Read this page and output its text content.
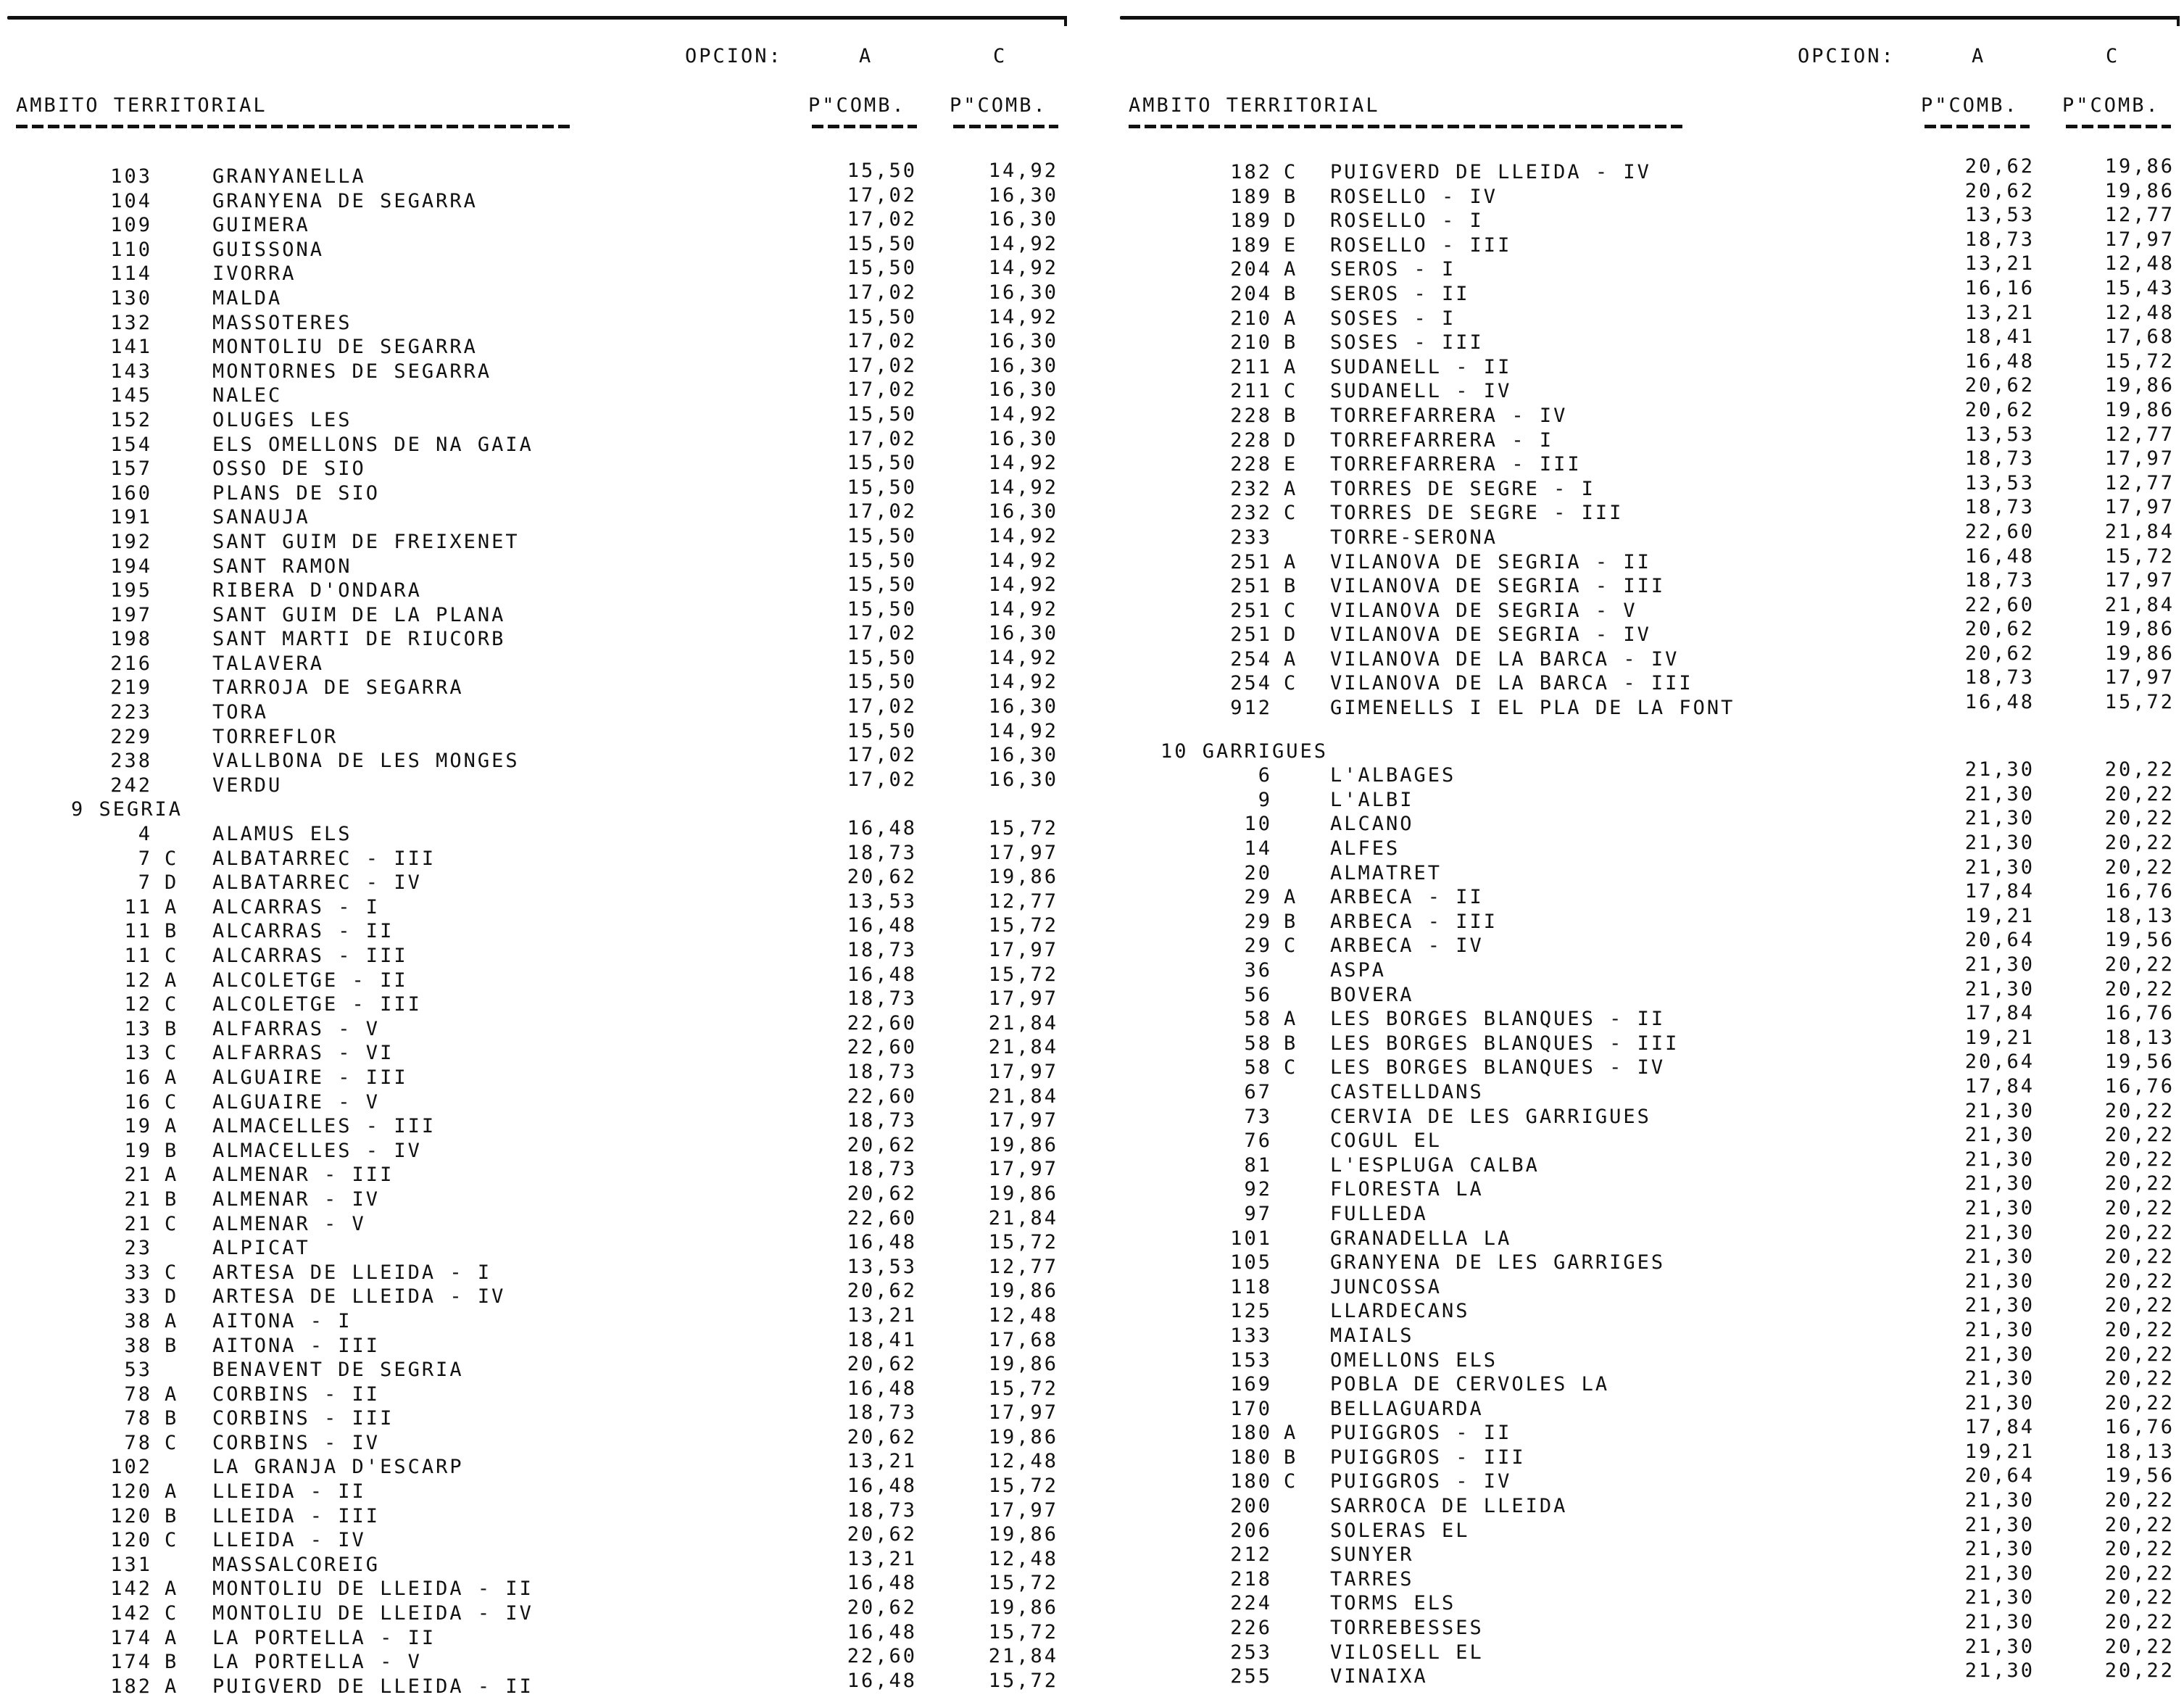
OPCION:	A	C
AMBITO TERRITORIAL	P"COMB. P"COMB.
103	GRANYANELLA	15,50	14,92
104	GRANYENA DE SEGARRA	17,02	16,30
109	GUIMERA	17,02	16,30
110	GUISSONA	15,50	14,92
114	IVORRA	15,50	14,92
130	MALDA	17,02	16,30
132	MASSOTERES	15,50	14,92
141	MONTOLIU DE SEGARRA	17,02	16,30
143	MONTORNES DE SEGARRA	17,02	16,30
145	NALEC	17,02	16,30
152	OLUGES LES	15,50	14,92
154	ELS OMELLONS DE NA GAIA	17,02	16,30
157	OSSO DE SIO	15,50	14,92
160	PLANS DE SIO	15,50	14,92
191	SANAUJA	17,02	16,30
192	SANT GUIM DE FREIXENET	15,50	14,92
194	SANT RAMON	15,50	14,92
195	RIBERA D'ONDARA	15,50	14,92
197	SANT GUIM DE LA PLANA	15,50	14,92
198	SANT MARTI DE RIUCORB	17,02	16,30
216	TALAVERA	15,50	14,92
219	TARROJA DE SEGARRA	15,50	14,92
223	TORA	17,02	16,30
229	TORREFLOR	15,50	14,92
238	VALLBONA DE LES MONGES	17,02	16,30
242	VERDU	17,02	16,30
9 SEGRIA
4	ALAMUS ELS	16,48	15,72
7 C ALBATARREC - III	18,73	17,97
7 D ALBATARREC - IV	20,62	19,86
11 A ALCARRAS - I	13,53	12,77
11 B ALCARRAS - II	16,48	15,72
11 C ALCARRAS - III	18,73	17,97
12 A ALCOLETGE - II	16,48	15,72
12 C ALCOLETGE - III	18,73	17,97
13 B ALFARRAS - V	22,60	21,84
13 C ALFARRAS - VI	22,60	21,84
16 A ALGUAIRE - III	18,73	17,97
16 C ALGUAIRE - V	22,60	21,84
19 A ALMACELLES - III	18,73	17,97
19 B ALMACELLES - IV	20,62	19,86
21 A ALMENAR - III	18,73	17,97
21 B ALMENAR - IV	20,62	19,86
21 C ALMENAR - V	22,60	21,84
23	ALPICAT	16,48	15,72
33 C ARTESA DE LLEIDA - I	13,53	12,77
33 D ARTESA DE LLEIDA - IV	20,62	19,86
38 A AITONA - I	13,21	12,48
38 B AITONA - III	18,41	17,68
53	BENAVENT DE SEGRIA	20,62	19,86
78 A CORBINS - II	16,48	15,72
78 B CORBINS - III	18,73	17,97
78 C CORBINS - IV	20,62	19,86
102	LA GRANJA D'ESCARP	13,21	12,48
120 A LLEIDA - II	16,48	15,72
120 B LLEIDA - III	18,73	17,97
120 C LLEIDA - IV	20,62	19,86
131	MASSALCOREIG	13,21	12,48
142 A MONTOLIU DE LLEIDA - II	16,48	15,72
142 C MONTOLIU DE LLEIDA - IV	20,62	19,86
174 A LA PORTELLA - II	16,48	15,72
174 B LA PORTELLA - V	22,60	21,84
182 A PUIGVERD DE LLEIDA - II	16,48	15,72
OPCION:	A	C
AMBITO TERRITORIAL	P"COMB. P"COMB.
182 C PUIGVERD DE LLEIDA - IV	20,62	19,86
189 B ROSELLO - IV	20,62	19,86
189 D ROSELLO - I	13,53	12,77
189 E ROSELLO - III	18,73	17,97
204 A SEROS - I	13,21	12,48
204 B SEROS - II	16,16	15,43
210 A SOSES - I	13,21	12,48
210 B SOSES - III	18,41	17,68
211 A SUDANELL - II	16,48	15,72
211 C SUDANELL - IV	20,62	19,86
228 B TORREFARRERA - IV	20,62	19,86
228 D TORREFARRERA - I	13,53	12,77
228 E TORREFARRERA - III	18,73	17,97
232 A TORRES DE SEGRE - I	13,53	12,77
232 C TORRES DE SEGRE - III	18,73	17,97
233	TORRE-SERONA	22,60	21,84
251 A VILANOVA DE SEGRIA - II	16,48	15,72
251 B VILANOVA DE SEGRIA - III	18,73	17,97
251 C VILANOVA DE SEGRIA - V	22,60	21,84
251 D VILANOVA DE SEGRIA - IV	20,62	19,86
254 A VILANOVA DE LA BARCA - IV	20,62	19,86
254 C VILANOVA DE LA BARCA - III	18,73	17,97
912	GIMENELLS I EL PLA DE LA FONT	16,48	15,72
10 GARRIGUES
6	L'ALBAGES	21,30	20,22
9	L'ALBI	21,30	20,22
10	ALCANO	21,30	20,22
14	ALFES	21,30	20,22
20	ALMATRET	21,30	20,22
29 A ARBECA - II	17,84	16,76
29 B ARBECA - III	19,21	18,13
29 C ARBECA - IV	20,64	19,56
36	ASPA	21,30	20,22
56	BOVERA	21,30	20,22
58 A LES BORGES BLANQUES - II	17,84	16,76
58 B LES BORGES BLANQUES - III	19,21	18,13
58 C LES BORGES BLANQUES - IV	20,64	19,56
67	CASTELLDANS	17,84	16,76
73	CERVIA DE LES GARRIGUES	21,30	20,22
76	COGUL EL	21,30	20,22
81	L'ESPLUGA CALBA	21,30	20,22
92	FLORESTA LA	21,30	20,22
97	FULLEDA	21,30	20,22
101	GRANADELLA LA	21,30	20,22
105	GRANYENA DE LES GARRIGES	21,30	20,22
118	JUNCOSSA	21,30	20,22
125	LLARDECANS	21,30	20,22
133	MAIALS	21,30	20,22
153	OMELLONS ELS	21,30	20,22
169	POBLA DE CERVOLES LA	21,30	20,22
170	BELLAGUARDA	21,30	20,22
180 A PUIGGROS - II	17,84	16,76
180 B PUIGGROS - III	19,21	18,13
180 C PUIGGROS - IV	20,64	19,56
200	SARROCA DE LLEIDA	21,30	20,22
206	SOLERAS EL	21,30	20,22
212	SUNYER	21,30	20,22
218	TARRES	21,30	20,22
224	TORMS ELS	21,30	20,22
226	TORREBESSES	21,30	20,22
253	VILOSELL EL	21,30	20,22
255	VINAIXA	21,30	20,22
